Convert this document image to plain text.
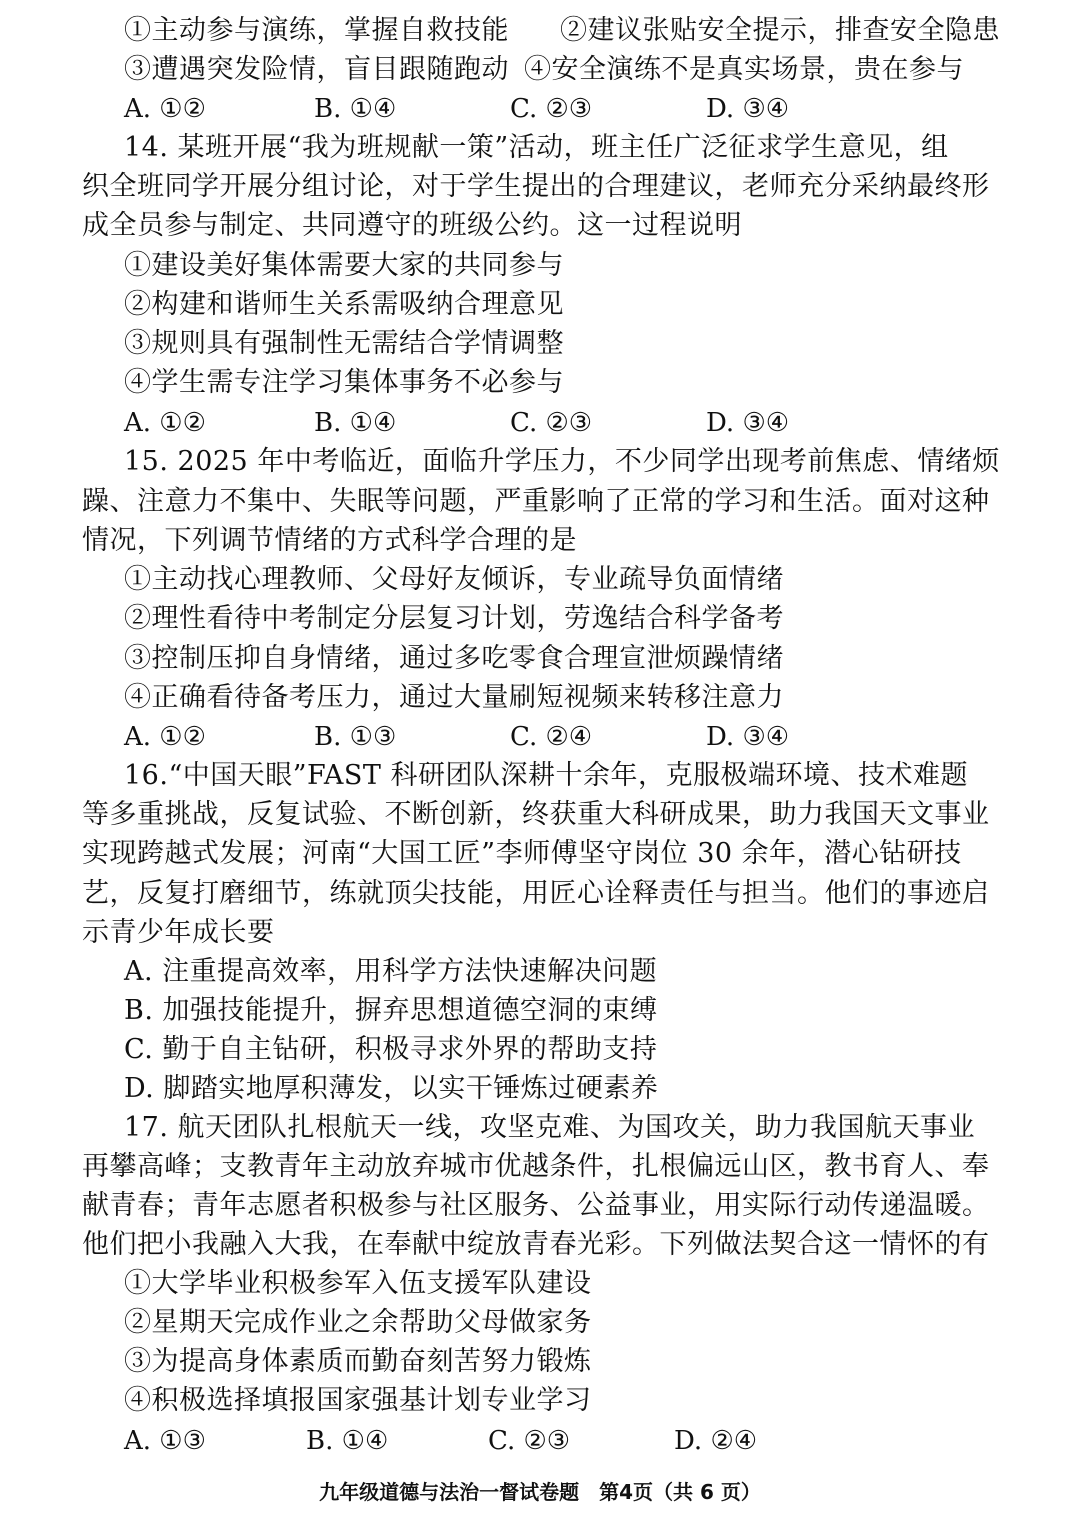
①主动参与演练，掌握自救技能 ②建议张贴安全提示，排查安全隐患
③遭遇突发险情，盲目跟随跑动 ④安全演练不是真实场景，贵在参与
A. ①②	B. ①④	C. ②③	D. ③④
14. 某班开展“我为班规献一策”活动，班主任广泛征求学生意见，组
织全班同学开展分组讨论，对于学生提出的合理建议，老师充分采纳最终形
成全员参与制定、共同遵守的班级公约。这一过程说明
①建设美好集体需要大家的共同参与
②构建和谐师生关系需吸纳合理意见
③规则具有强制性无需结合学情调整
④学生需专注学习集体事务不必参与
A. ①②	B. ①④	C. ②③	D. ③④
15. 2025 年中考临近，面临升学压力，不少同学出现考前焦虑、情绪烦
躁、注意力不集中、失眠等问题，严重影响了正常的学习和生活。面对这种
情况，下列调节情绪的方式科学合理的是
①主动找心理教师、父母好友倾诉，专业疏导负面情绪
②理性看待中考制定分层复习计划，劳逸结合科学备考
③控制压抑自身情绪，通过多吃零食合理宣泄烦躁情绪
④正确看待备考压力，通过大量刷短视频来转移注意力
A. ①②	B. ①③	C. ②④	D. ③④
16.“中国天眼”FAST 科研团队深耕十余年，克服极端环境、技术难题
等多重挑战，反复试验、不断创新，终获重大科研成果，助力我国天文事业
实现跨越式发展；河南“大国工匠”李师傅坚守岗位 30 余年，潜心钻研技
艺，反复打磨细节，练就顶尖技能，用匠心诠释责任与担当。他们的事迹启
示青少年成长要
A. 注重提高效率，用科学方法快速解决问题
B. 加强技能提升，摒弃思想道德空洞的束缚
C. 勤于自主钻研，积极寻求外界的帮助支持
D. 脚踏实地厚积薄发，以实干锤炼过硬素养
17. 航天团队扎根航天一线，攻坚克难、为国攻关，助力我国航天事业
再攀高峰；支教青年主动放弃城市优越条件，扎根偏远山区，教书育人、奉
献青春；青年志愿者积极参与社区服务、公益事业，用实际行动传递温暖。
他们把小我融入大我，在奉献中绽放青春光彩。下列做法契合这一情怀的有
①大学毕业积极参军入伍支援军队建设
②星期天完成作业之余帮助父母做家务
③为提高身体素质而勤奋刻苦努力锻炼
④积极选择填报国家强基计划专业学习
A. ①③	B. ①④	C. ②③	D. ②④
九年级道德与法治一督试卷题　第4页（共 6 页）
